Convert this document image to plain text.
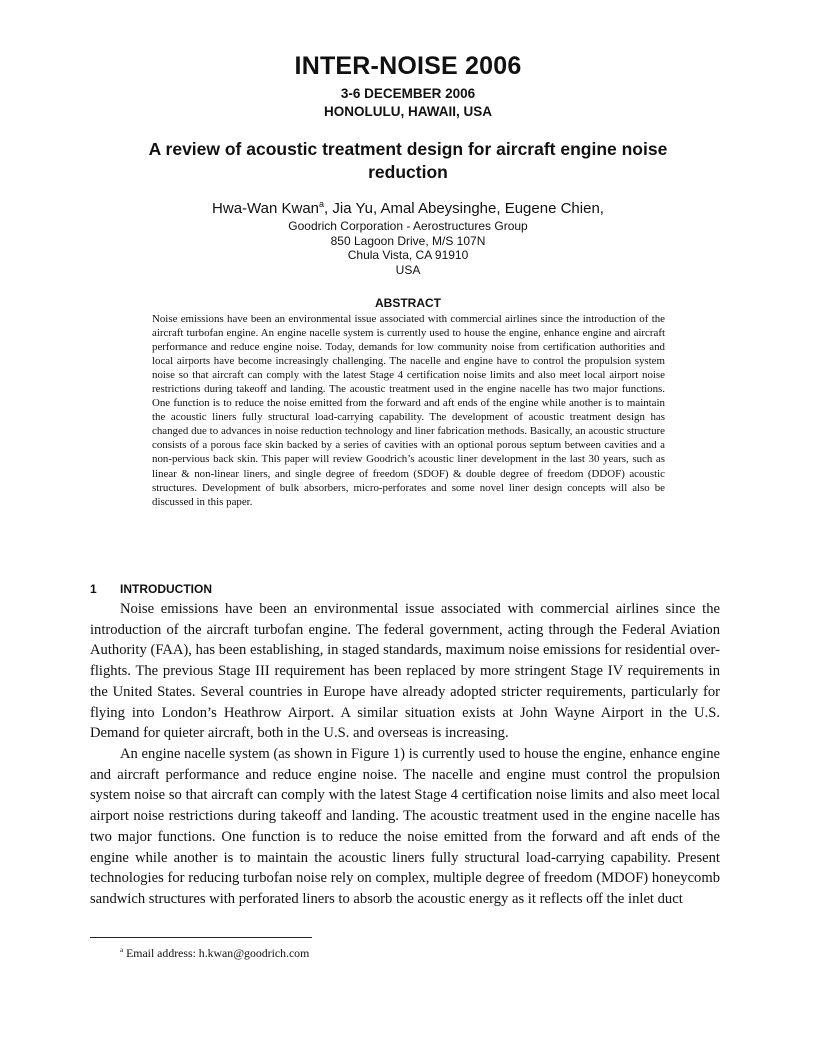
INTER-NOISE 2006
3-6 DECEMBER 2006
HONOLULU, HAWAII, USA
A review of acoustic treatment design for aircraft engine noise reduction
Hwa-Wan Kwan$^a$, Jia Yu, Amal Abeysinghe, Eugene Chien,
Goodrich Corporation - Aerostructures Group
850 Lagoon Drive, M/S 107N
Chula Vista, CA 91910
USA
ABSTRACT
Noise emissions have been an environmental issue associated with commercial airlines since the introduction of the aircraft turbofan engine. An engine nacelle system is currently used to house the engine, enhance engine and aircraft performance and reduce engine noise. Today, demands for low community noise from certification authorities and local airports have become increasingly challenging. The nacelle and engine have to control the propulsion system noise so that aircraft can comply with the latest Stage 4 certification noise limits and also meet local airport noise restrictions during takeoff and landing. The acoustic treatment used in the engine nacelle has two major functions. One function is to reduce the noise emitted from the forward and aft ends of the engine while another is to maintain the acoustic liners fully structural load-carrying capability. The development of acoustic treatment design has changed due to advances in noise reduction technology and liner fabrication methods. Basically, an acoustic structure consists of a porous face skin backed by a series of cavities with an optional porous septum between cavities and a non-pervious back skin. This paper will review Goodrich’s acoustic liner development in the last 30 years, such as linear & non-linear liners, and single degree of freedom (SDOF) & double degree of freedom (DDOF) acoustic structures. Development of bulk absorbers, micro-perforates and some novel liner design concepts will also be discussed in this paper.
1 INTRODUCTION
Noise emissions have been an environmental issue associated with commercial airlines since the introduction of the aircraft turbofan engine. The federal government, acting through the Federal Aviation Authority (FAA), has been establishing, in staged standards, maximum noise emissions for residential over-flights. The previous Stage III requirement has been replaced by more stringent Stage IV requirements in the United States. Several countries in Europe have already adopted stricter requirements, particularly for flying into London’s Heathrow Airport. A similar situation exists at John Wayne Airport in the U.S. Demand for quieter aircraft, both in the U.S. and overseas is increasing.
An engine nacelle system (as shown in Figure 1) is currently used to house the engine, enhance engine and aircraft performance and reduce engine noise. The nacelle and engine must control the propulsion system noise so that aircraft can comply with the latest Stage 4 certification noise limits and also meet local airport noise restrictions during takeoff and landing. The acoustic treatment used in the engine nacelle has two major functions. One function is to reduce the noise emitted from the forward and aft ends of the engine while another is to maintain the acoustic liners fully structural load-carrying capability. Present technologies for reducing turbofan noise rely on complex, multiple degree of freedom (MDOF) honeycomb sandwich structures with perforated liners to absorb the acoustic energy as it reflects off the inlet duct
$^a$ Email address: h.kwan@goodrich.com
